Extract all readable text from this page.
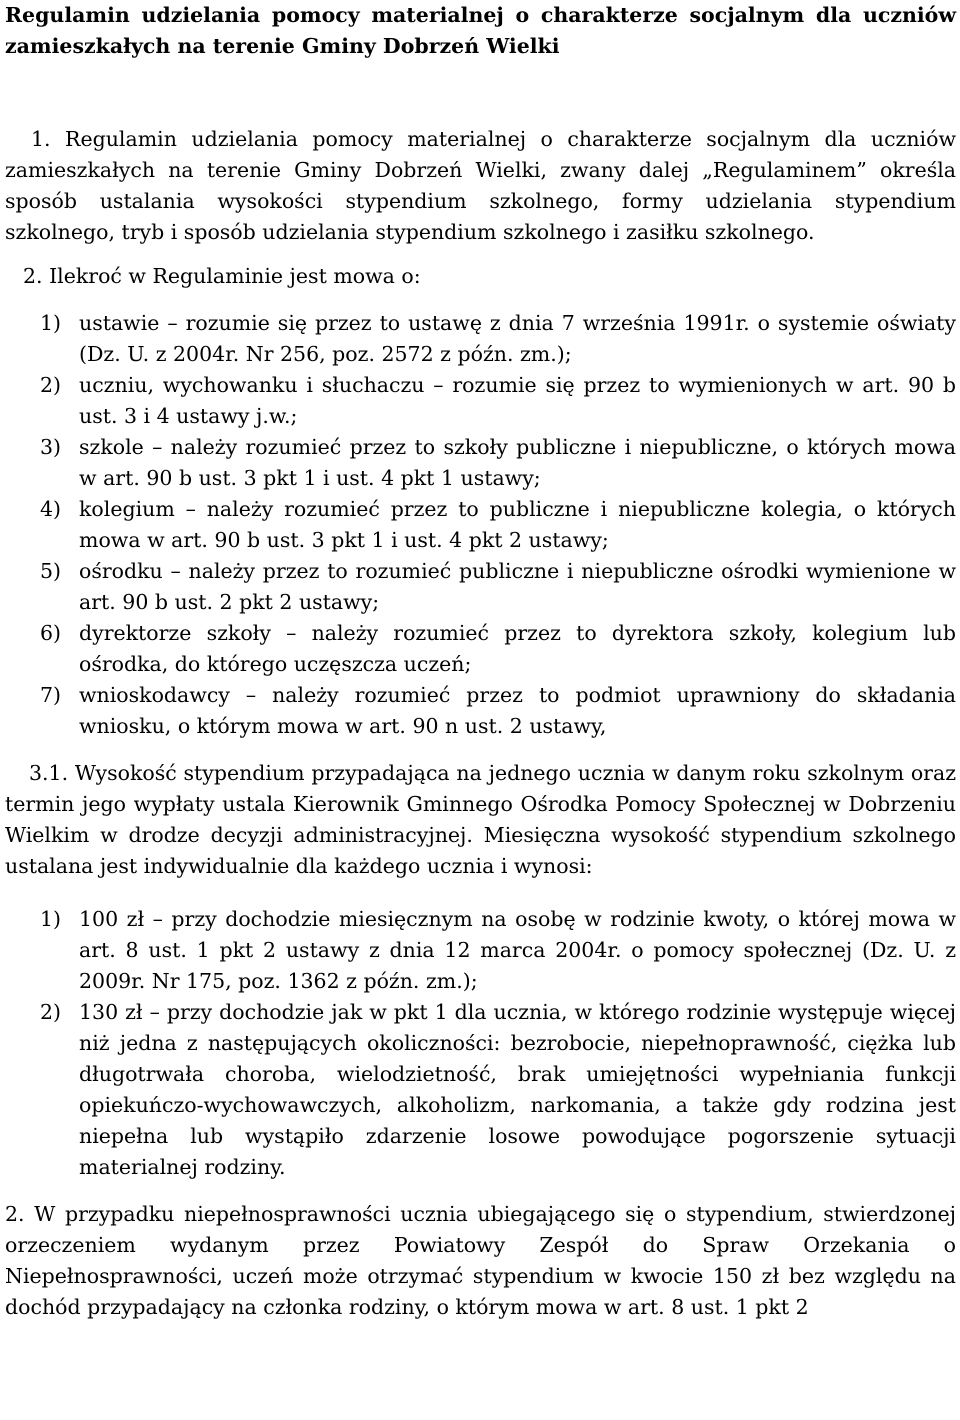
Regulamin udzielania pomocy materialnej o charakterze socjalnym dla uczniów zamieszkałych na terenie Gminy Dobrzeń Wielki

1. Regulamin udzielania pomocy materialnej o charakterze socjalnym dla uczniów zamieszkałych na terenie Gminy Dobrzeń Wielki, zwany dalej „Regulaminem” określa sposób ustalania wysokości stypendium szkolnego, formy udzielania stypendium szkolnego, tryb i sposób udzielania stypendium szkolnego i zasiłku szkolnego.

2. Ilekroć w Regulaminie jest mowa o:

1) ustawie – rozumie się przez to ustawę z dnia 7 września 1991r. o systemie oświaty (Dz. U. z 2004r. Nr 256, poz. 2572 z późn. zm.);
2) uczniu, wychowanku i słuchaczu – rozumie się przez to wymienionych w art. 90 b ust. 3 i 4 ustawy j.w.;
3) szkole – należy rozumieć przez to szkoły publiczne i niepubliczne, o których mowa w art. 90 b ust. 3 pkt 1 i ust. 4 pkt 1 ustawy;
4) kolegium – należy rozumieć przez to publiczne i niepubliczne kolegia, o których mowa w art. 90 b ust. 3 pkt 1 i ust. 4 pkt 2 ustawy;
5) ośrodku – należy przez to rozumieć publiczne i niepubliczne ośrodki wymienione w art. 90 b ust. 2 pkt 2 ustawy;
6) dyrektorze szkoły – należy rozumieć przez to dyrektora szkoły, kolegium lub ośrodka, do którego uczęszcza uczeń;
7) wnioskodawcy – należy rozumieć przez to podmiot uprawniony do składania wniosku, o którym mowa w art. 90 n ust. 2 ustawy,

3.1. Wysokość stypendium przypadająca na jednego ucznia w danym roku szkolnym oraz termin jego wypłaty ustala Kierownik Gminnego Ośrodka Pomocy Społecznej w Dobrzeniu Wielkim w drodze decyzji administracyjnej. Miesięczna wysokość stypendium szkolnego ustalana jest indywidualnie dla każdego ucznia i wynosi:

1) 100 zł – przy dochodzie miesięcznym na osobę w rodzinie kwoty, o której mowa w art. 8 ust. 1 pkt 2 ustawy z dnia 12 marca 2004r. o pomocy społecznej (Dz. U. z 2009r. Nr 175, poz. 1362 z późn. zm.);
2) 130 zł – przy dochodzie jak w pkt 1 dla ucznia, w którego rodzinie występuje więcej niż jedna z następujących okoliczności: bezrobocie, niepełnoprawność, ciężka lub długotrwała choroba, wielodzietność, brak umiejętności wypełniania funkcji opiekuńczo-wychowawczych, alkoholizm, narkomania, a także gdy rodzina jest niepełna lub wystąpiło zdarzenie losowe powodujące pogorszenie sytuacji materialnej rodziny.

2. W przypadku niepełnosprawności ucznia ubiegającego się o stypendium, stwierdzonej orzeczeniem wydanym przez Powiatowy Zespół do Spraw Orzekania o Niepełnosprawności, uczeń może otrzymać stypendium w kwocie 150 zł bez względu na dochód przypadający na członka rodziny, o którym mowa w art. 8 ust. 1 pkt 2
